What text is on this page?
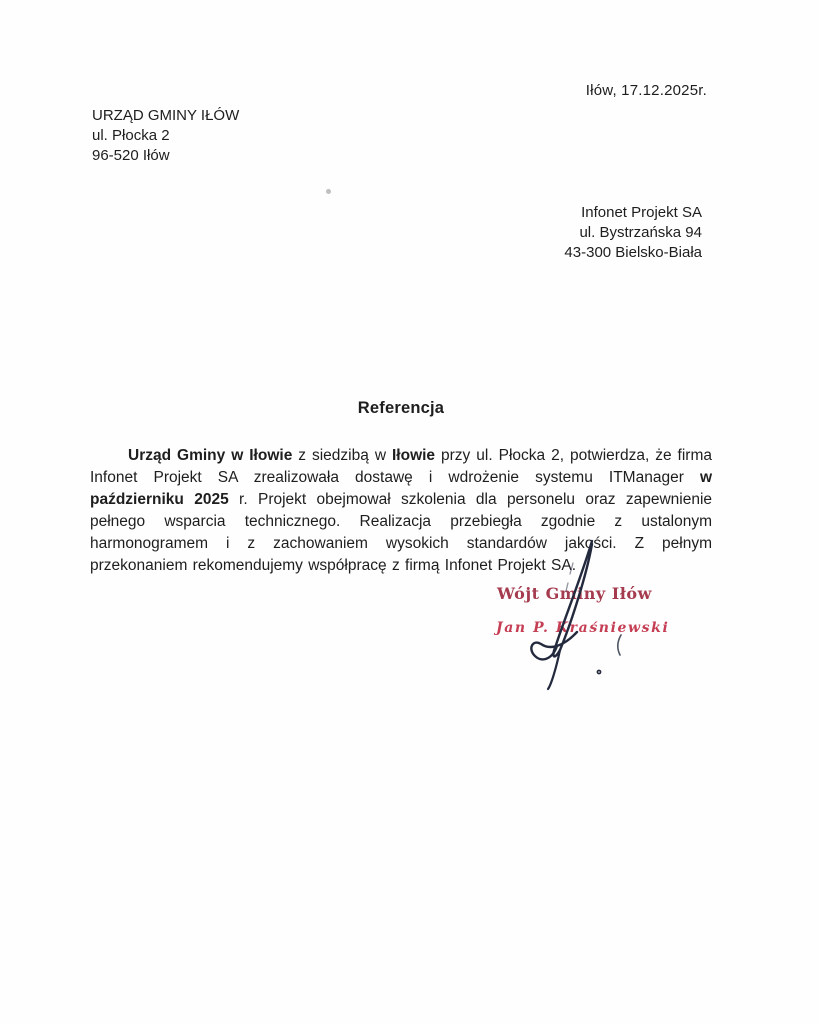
Iłów, 17.12.2025r.
URZĄD GMINY IŁÓW
ul. Płocka 2
96-520 Iłów
Infonet Projekt SA
ul. Bystrzańska 94
43-300 Bielsko-Biała
Referencja

Urząd Gminy w Iłowie z siedzibą w Iłowie przy ul. Płocka 2, potwierdza, że firma Infonet Projekt SA zrealizowała dostawę i wdrożenie systemu ITManager w październiku 2025 r. Projekt obejmował szkolenia dla personelu oraz zapewnienie pełnego wsparcia technicznego. Realizacja przebiegła zgodnie z ustalonym harmonogramem i z zachowaniem wysokich standardów jakości. Z pełnym przekonaniem rekomendujemy współpracę z firmą Infonet Projekt SA.

Wójt Gminy Iłów
Jan P. Kraśniewski
